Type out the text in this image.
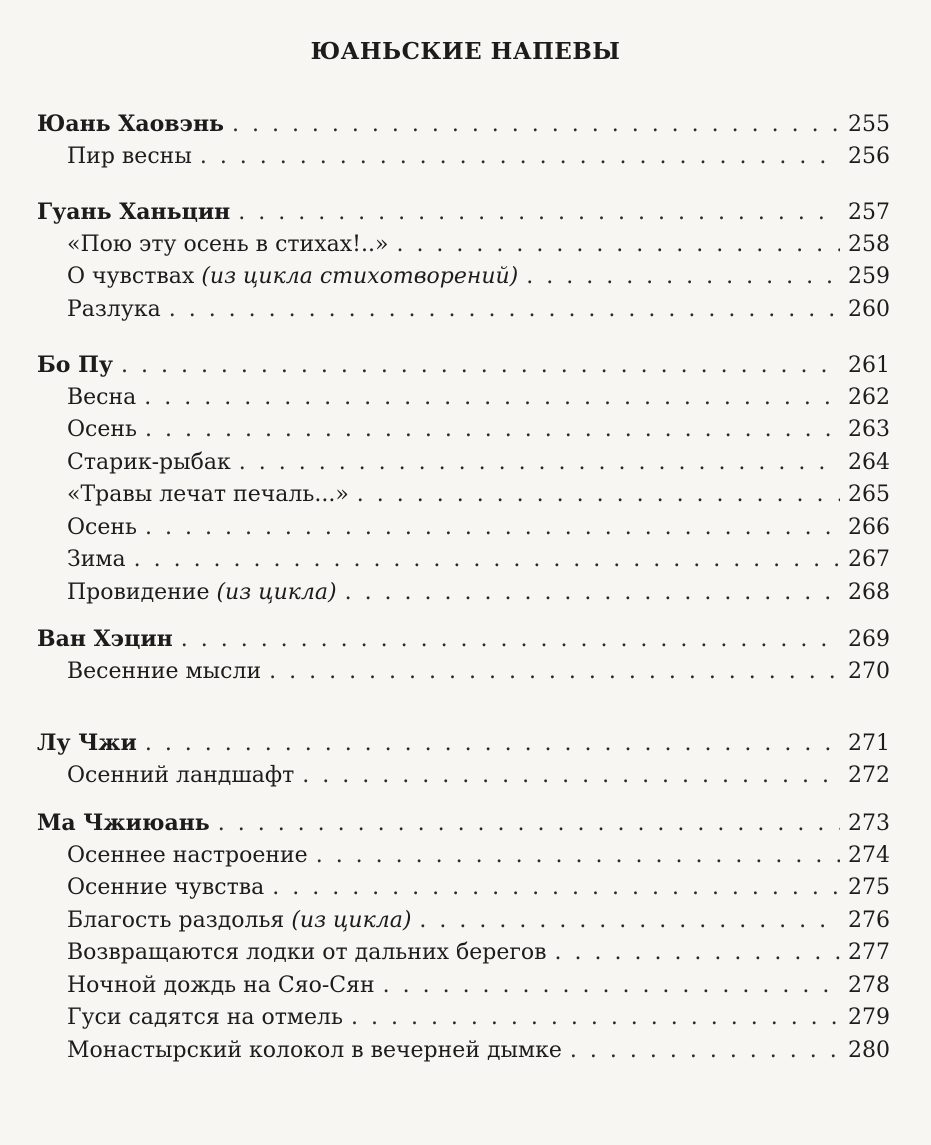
ЮАНЬСКИЕ НАПЕВЫ
Юань Хаовэнь . . .	255
Пир весны . . .	256
Гуань Ханьцин . . .	257
«Пою эту осень в стихах!..» . . .	258
О чувствах (из цикла стихотворений) . . .	259
Разлука . . .	260
Бо Пу . . .	261
Весна . . .	262
Осень . . .	263
Старик-рыбак . . .	264
«Травы лечат печаль...» . . .	265
Осень . . .	266
Зима . . .	267
Провидение (из цикла) . . .	268
Ван Хэцин . . .	269
Весенние мысли . . .	270
Лу Чжи . . .	271
Осенний ландшафт . . .	272
Ма Чжиюань . . .	273
Осеннее настроение . . .	274
Осенние чувства . . .	275
Благость раздолья (из цикла) . . .	276
Возвращаются лодки от дальних берегов . . .	277
Ночной дождь на Сяо-Сян . . .	278
Гуси садятся на отмель . . .	279
Монастырский колокол в вечерней дымке . . .	280
